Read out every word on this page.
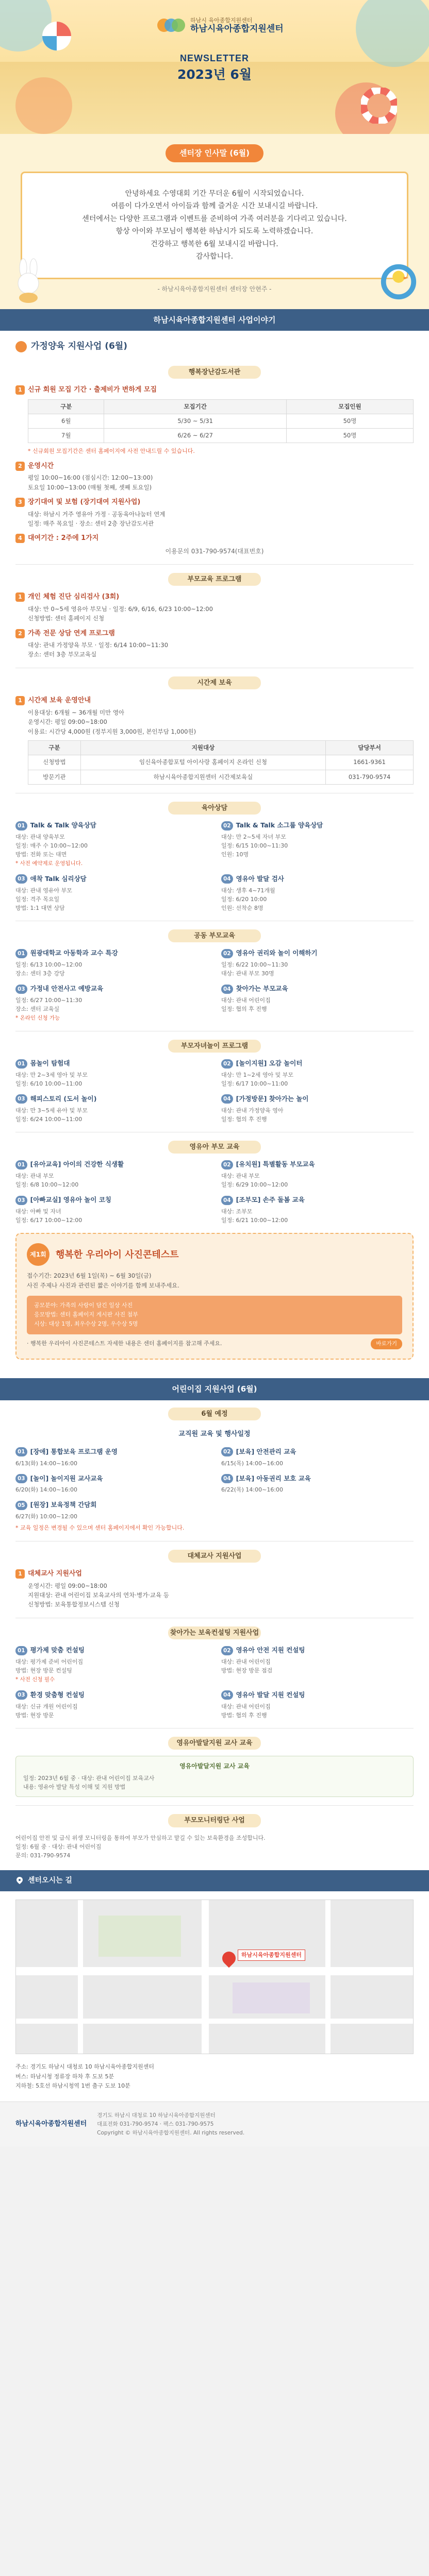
하남시 육아종합지원센터
하남시육아종합지원센터
NEWSLETTER
2023년 6월
센터장 인사말 (6월)

안녕하세요 수영대회 기간 무더운 6월이 시작되었습니다.

여름이 다가오면서 아이들과 함께 즐거운 시간 보내시길 바랍니다.

센터에서는 다양한 프로그램과 이벤트를 준비하여 가족 여러분을 기다리고 있습니다.

항상 아이와 부모님이 행복한 하남시가 되도록 노력하겠습니다.

건강하고 행복한 6월 보내시길 바랍니다.

감사합니다.

- 하남시육아종합지원센터 센터장 안현주 -
하남시육아종합지원센터 사업이야기
가정양육 지원사업 (6월)
행복장난감도서관
1 신규 회원 모집 기간 · 출제비가 변하게 모집
구분	모집기간	모집인원
6월	5/30 ~ 5/31	50명
7월	6/26 ~ 6/27	50명
* 신규회원 모집기간은 센터 홈페이지에 사전 안내드릴 수 있습니다.
2 운영시간
평일 10:00~16:00 (점심시간: 12:00~13:00)
토요일 10:00~13:00 (매월 첫째, 셋째 토요일)
3 장기대여 및 보험 (장기대여 지원사업)
대상: 하남시 거주 영유아 가정 · 공동육아나눔터 연계
일정: 매주 목요일 · 장소: 센터 2층 장난감도서관
4 대여기간 : 2주에 1가지
이용문의 031-790-9574(대표번호)
부모교육 프로그램
1 개인 체험 진단 심리검사 (3회)
대상: 만 0~5세 영유아 부모님 · 일정: 6/9, 6/16, 6/23 10:00~12:00
신청방법: 센터 홈페이지 신청
2 가족 전문 상담 연계 프로그램
대상: 관내 가정양육 부모 · 일정: 6/14 10:00~11:30
장소: 센터 3층 부모교육실
시간제 보육
1 시간제 보육 운영안내
이용대상: 6개월 ~ 36개월 미만 영아
운영시간: 평일 09:00~18:00
이용료: 시간당 4,000원 (정부지원 3,000원, 본인부담 1,000원)
구분	지원대상	담당부서
신청방법	임신육아종합포털 아이사랑 홈페이지 온라인 신청	1661-9361
방문기관	하남시육아종합지원센터 시간제보육실	031-790-9574
육아상담
01 Talk & Talk 양육상담
대상: 관내 양육부모
일정: 매주 수 10:00~12:00
방법: 전화 또는 대면
* 사전 예약제로 운영됩니다.
02 Talk & Talk 소그룹 양육상담
대상: 만 2~5세 자녀 부모
일정: 6/15 10:00~11:30
인원: 10명
03 애착 Talk 심리상담
대상: 관내 영유아 부모
일정: 격주 목요일
방법: 1:1 대면 상담
04 영유아 발달 검사
대상: 생후 4~71개월
일정: 6/20 10:00
인원: 선착순 8명
공동 부모교육
01 원광대학교 아동학과 교수 특강
일정: 6/13 10:00~12:00
장소: 센터 3층 강당
02 영유아 권리와 놀이 이해하기
일정: 6/22 10:00~11:30
대상: 관내 부모 30명
03 가정내 안전사고 예방교육
일정: 6/27 10:00~11:30
장소: 센터 교육실
* 온라인 신청 가능
04 찾아가는 부모교육
대상: 관내 어린이집
일정: 협의 후 진행
부모자녀놀이 프로그램
01 몸놀이 탐험대
대상: 만 2~3세 영아 및 부모
일정: 6/10 10:00~11:00
02 [놀이지원] 오감 놀이터
대상: 만 1~2세 영아 및 부모
일정: 6/17 10:00~11:00
03 해피스토리 (도서 놀이)
대상: 만 3~5세 유아 및 부모
일정: 6/24 10:00~11:00
04 [가정방문] 찾아가는 놀이
대상: 관내 가정양육 영아
일정: 협의 후 진행
영유아 부모 교육
01 [유아교육] 아이의 건강한 식생활
대상: 관내 부모
일정: 6/8 10:00~12:00
02 [유치원] 특별활동 부모교육
대상: 관내 부모
일정: 6/29 10:00~12:00
03 [아빠교실] 영유아 놀이 코칭
대상: 아빠 및 자녀
일정: 6/17 10:00~12:00
04 [조부모] 손주 돌봄 교육
대상: 조부모
일정: 6/21 10:00~12:00
제1회	행복한 우리아이 사진콘테스트
접수기간: 2023년 6월 1일(목) ~ 6월 30일(금)
사진 주제나 사진과 관련된 짧은 이야기를 함께 보내주세요.
공모분야: 가족의 사랑이 담긴 일상 사진
응모방법: 센터 홈페이지 게시판 사진 첨부
시상: 대상 1명, 최우수상 2명, 우수상 5명
· 행복한 우리아이 사진콘테스트 자세한 내용은 센터 홈페이지를 참고해 주세요.	바로가기
어린이집 지원사업 (6월)
6월 예정
교직원 교육 및 행사일정
01 [장애] 통합보육 프로그램 운영
6/13(화) 14:00~16:00
02 [보육] 안전관리 교육
6/15(목) 14:00~16:00
03 [놀이] 놀이지원 교사교육
6/20(화) 14:00~16:00
04 [보육] 아동권리 보호 교육
6/22(목) 14:00~16:00
05 [원장] 보육정책 간담회
6/27(화) 10:00~12:00
* 교육 일정은 변경될 수 있으며 센터 홈페이지에서 확인 가능합니다.
대체교사 지원사업
1 대체교사 지원사업
운영시간: 평일 09:00~18:00
지원대상: 관내 어린이집 보육교사의 연차·병가·교육 등
신청방법: 보육통합정보시스템 신청
찾아가는 보육컨설팅 지원사업
01 평가제 맞춤 컨설팅
대상: 평가제 준비 어린이집
방법: 현장 방문 컨설팅
* 사전 신청 필수
02 영유아 안전 지원 컨설팅
대상: 관내 어린이집
방법: 현장 방문 점검
03 환경 맞춤형 컨설팅
대상: 신규 개원 어린이집
방법: 현장 방문
04 영유아 발달 지원 컨설팅
대상: 관내 어린이집
방법: 협의 후 진행
영유아발달지원 교사 교육
영유아발달지원 교사 교육
일정: 2023년 6월 중 · 대상: 관내 어린이집 보육교사
내용: 영유아 발달 특성 이해 및 지원 방법
부모모니터링단 사업
어린이집 안전 및 급식 위생 모니터링을 통하여 부모가 안심하고 맡길 수 있는 보육환경을 조성합니다.
일정: 6월 중 · 대상: 관내 어린이집
문의: 031-790-9574
센터오시는 길
하남시육아종합지원센터
주소: 경기도 하남시 대청로 10 하남시육아종합지원센터
버스: 하남시청 정류장 하차 후 도보 5분
지하철: 5호선 하남시청역 1번 출구 도보 10분
하남시육아종합지원센터
경기도 하남시 대청로 10 하남시육아종합지원센터
대표전화 031-790-9574 · 팩스 031-790-9575
Copyright © 하남시육아종합지원센터. All rights reserved.
